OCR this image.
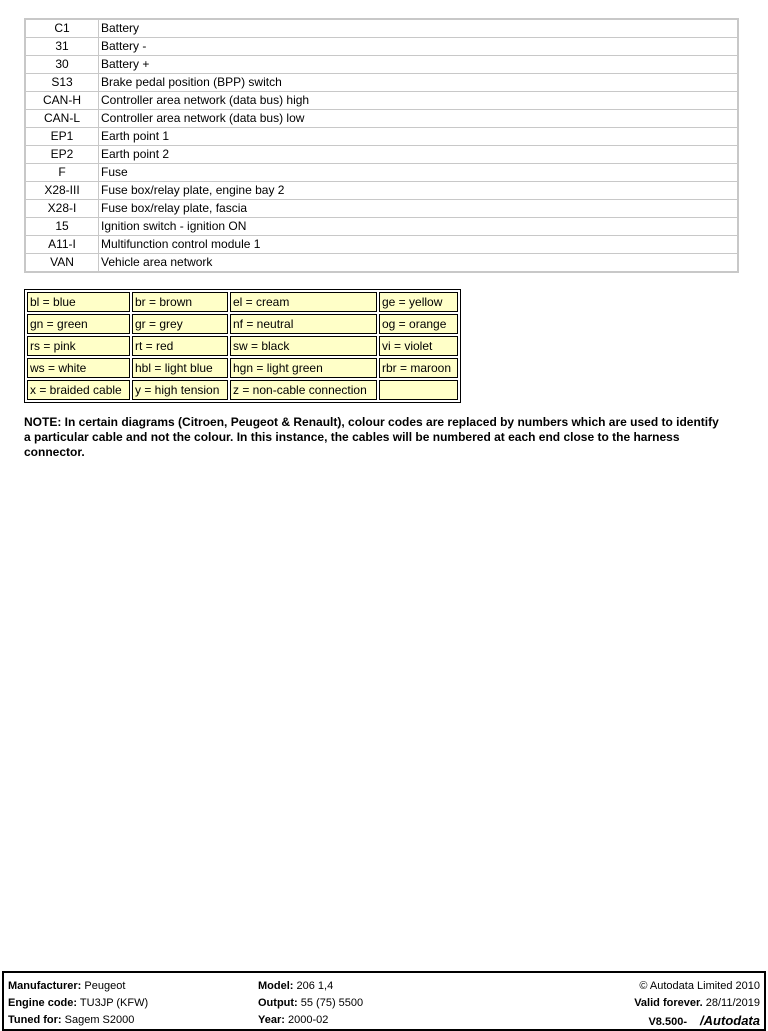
C1	Battery
31	Battery -
30	Battery +
S13	Brake pedal position (BPP) switch
CAN-H	Controller area network (data bus) high
CAN-L	Controller area network (data bus) low
EP1	Earth point 1
EP2	Earth point 2
F	Fuse
X28-III	Fuse box/relay plate, engine bay 2
X28-I	Fuse box/relay plate, fascia
15	Ignition switch - ignition ON
A11-I	Multifunction control module 1
VAN	Vehicle area network
bl = blue	br = brown	el = cream	ge = yellow
gn = green	gr = grey	nf = neutral	og = orange
rs = pink	rt = red	sw = black	vi = violet
ws = white	hbl = light blue	hgn = light green	rbr = maroon
x = braided cable	y = high tension	z = non-cable connection	
NOTE: In certain diagrams (Citroen, Peugeot & Renault), colour codes are replaced by numbers which are used to identify a particular cable and not the colour. In this instance, the cables will be numbered at each end close to the harness connector.
Manufacturer: Peugeot
Engine code: TU3JP (KFW)
Tuned for: Sagem S2000
Model: 206 1,4
Output: 55 (75) 5500
Year: 2000-02
© Autodata Limited 2010
Valid forever. 28/11/2019
V8.500- /Autodata
